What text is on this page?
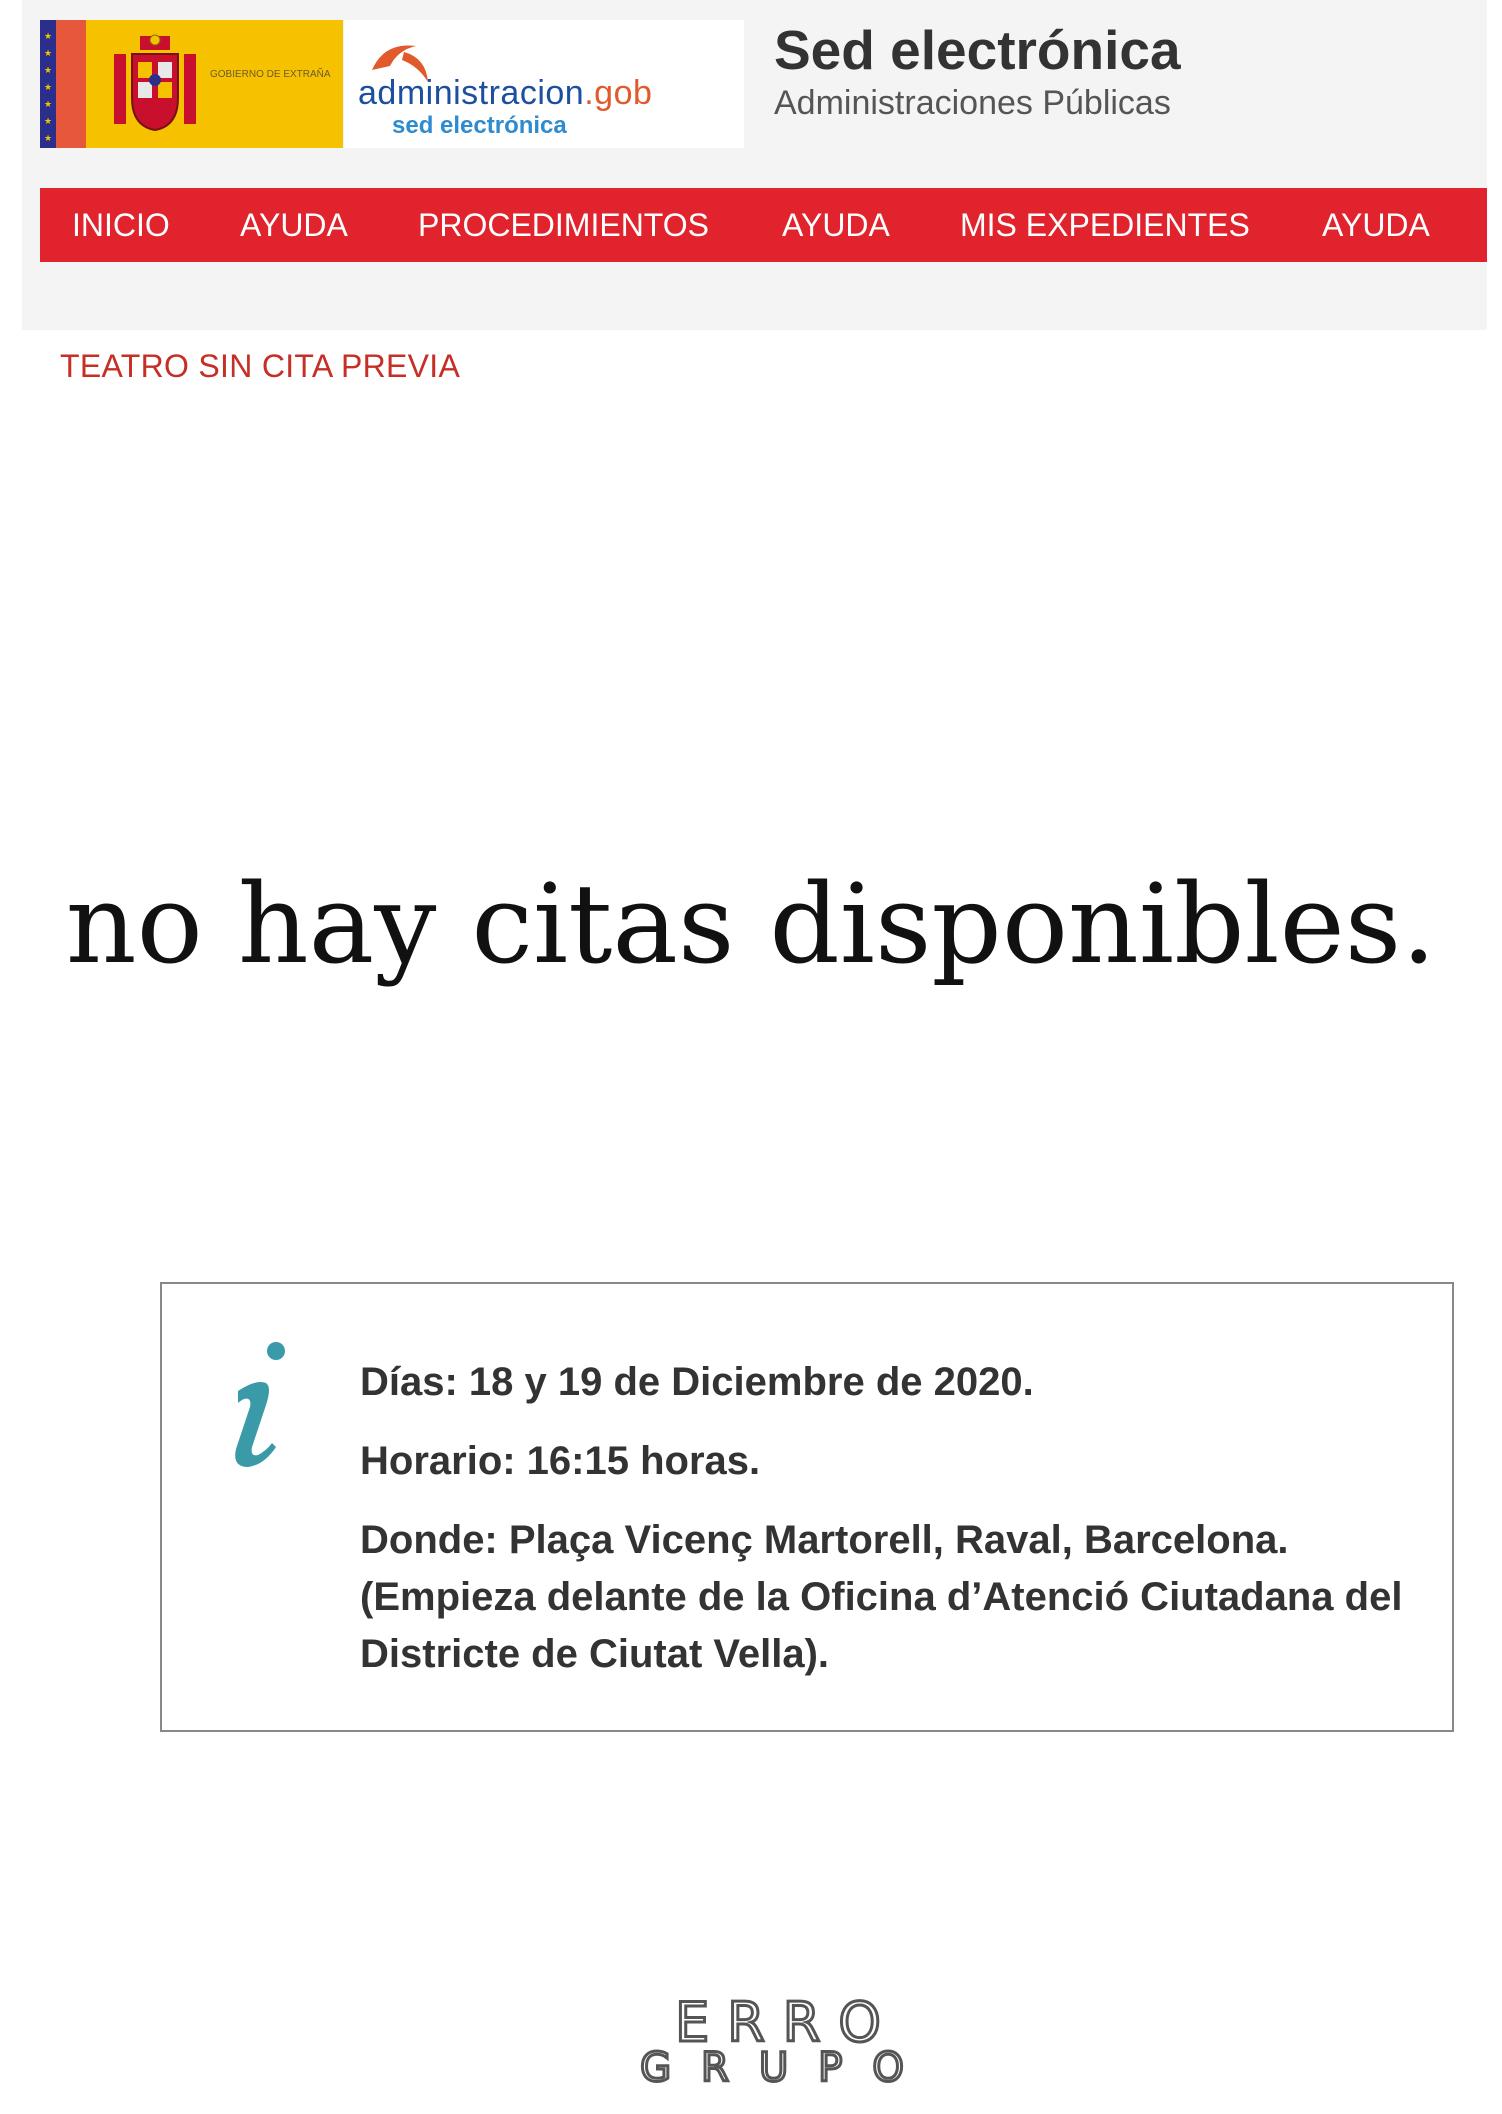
★
★
★
★
★
★
★
GOBIERNO DE EXTRAÑA administracion.gob
sed electrónica
Sed electrónica
Administraciones Públicas
INICIO AYUDA PROCEDIMIENTOS AYUDA MIS EXPEDIENTES AYUDA
TEATRO SIN CITA PREVIA
no hay citas disponibles.
Días: 18 y 19 de Diciembre de 2020.
Horario: 16:15 horas.
Donde: Plaça Vicenç Martorell, Raval, Barcelona. (Empieza delante de la Oficina d’Atenció Ciutadana del Districte de Ciutat Vella).
ERRO
GRUPO
